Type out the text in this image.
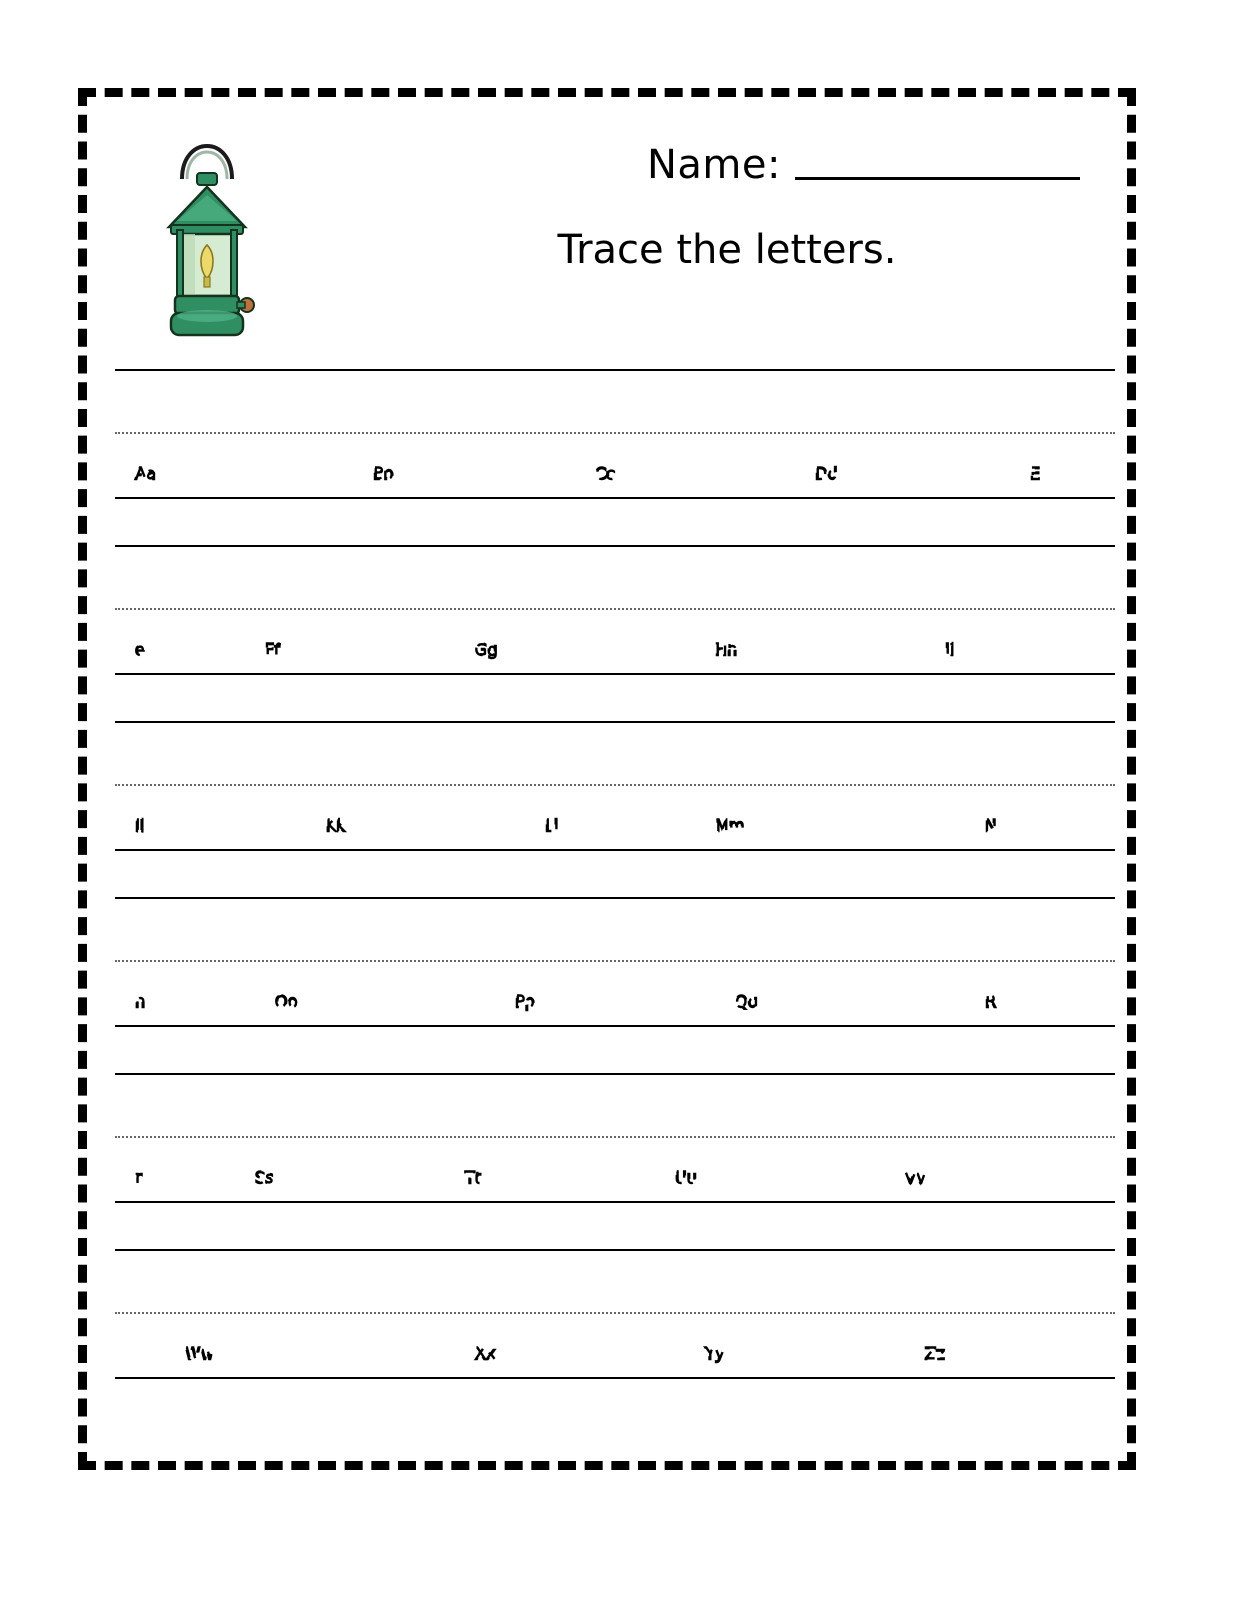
Name:
Trace the letters.
Aa	Bb	Cc	Dd	E
e	Ff	Gg	Hh	Ii
Jj	Kk	Ll	Mm	N
n	Oo	Pp	Qq	R
r	Ss	Tt	Uu	Vv
Ww	Xx	Yy	Zz
